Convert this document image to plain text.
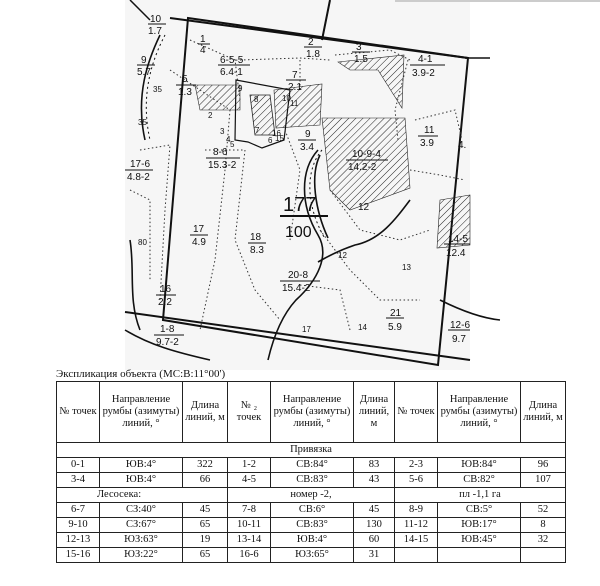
10
1.7
1
4
9
5.7
6-5-5
6.4-1
2
1.8
3
1.5	4-1
3.9-2
5
1.3
7
2.1
8-6
15.3-2
9
3.4
11
3.9
10-9-4
14.2-2
17-6
4.8-2
12
17
4.9	18
8.3
14-5
12.4
20-8
15.4-2
16
2.2
21
5.9
1-8
9.7-2
12-6
9.7
4.
177
100
35
35
80
2
3
4
5	6
7
8
9
10
11
12
13
14
15
16
17
Экспликация объекта (МС:В:11°00')
№ точек	Направление румбы (азимуты) линий, °	Длина линий, м	№ ₂ точек	Направление румбы (азимуты) линий, °	Длина линий, м	№ точек	Направление румбы (азимуты) линий, °	Длина линий, м
Привязка								
0-1	ЮВ:4°	322	1-2	СВ:84°	83	2-3	ЮВ:84°	96
3-4	ЮВ:4°	66	4-5	СВ:83°	43	5-6	СВ:82°	107
Лесосека:			номер -2,			пл -1,1 га		
6-7	СЗ:40°	45	7-8	СВ:6°	45	8-9	СВ:5°	52
9-10	СЗ:67°	65	10-11	СВ:83°	130	11-12	ЮВ:17°	8
12-13	ЮЗ:63°	19	13-14	ЮВ:4°	60	14-15	ЮВ:45°	32
15-16	ЮЗ:22°	65	16-6	ЮЗ:65°	31			
